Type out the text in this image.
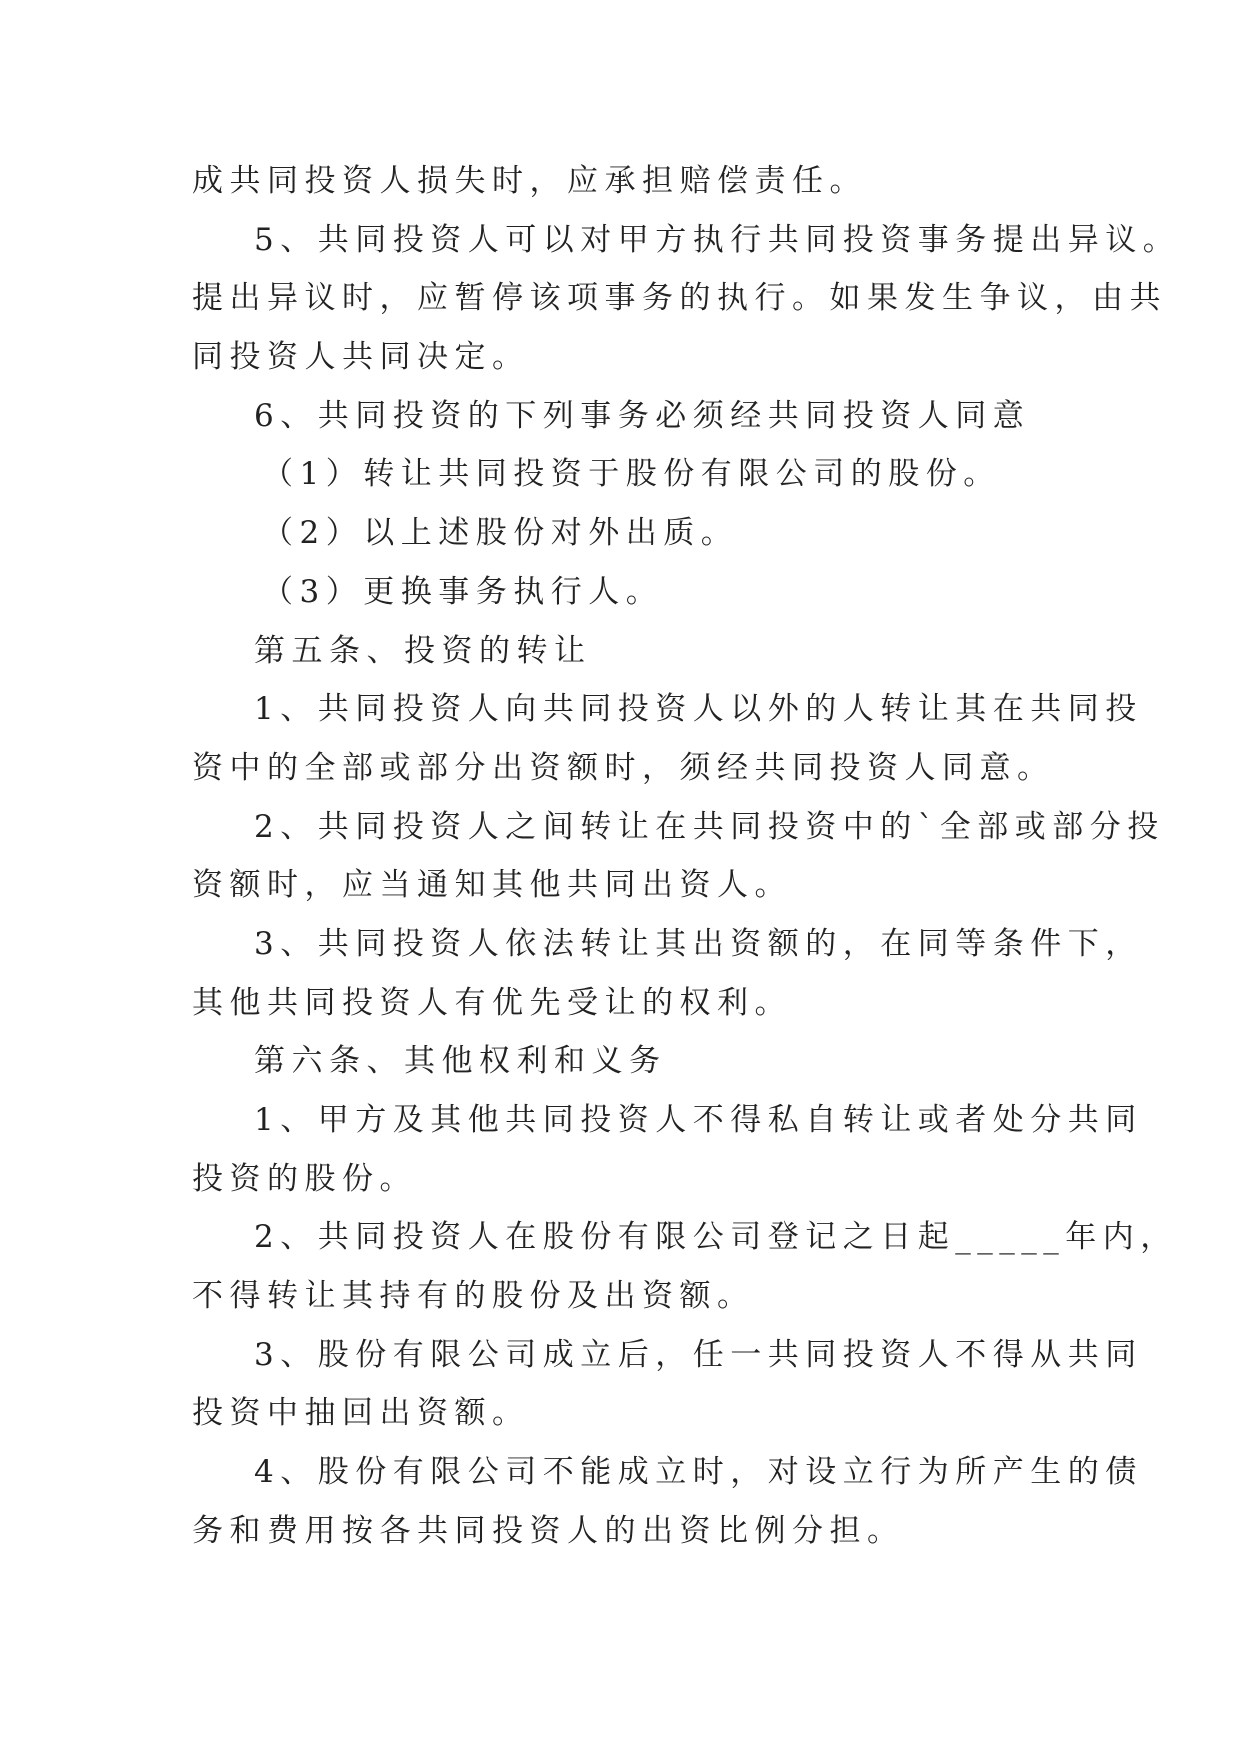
成共同投资人损失时，应承担赔偿责任。
5、共同投资人可以对甲方执行共同投资事务提出异议。
提出异议时，应暂停该项事务的执行。如果发生争议，由共
同投资人共同决定。
6、共同投资的下列事务必须经共同投资人同意
（1）转让共同投资于股份有限公司的股份。
（2）以上述股份对外出质。
（3）更换事务执行人。
第五条、投资的转让
1、共同投资人向共同投资人以外的人转让其在共同投
资中的全部或部分出资额时，须经共同投资人同意。
2、共同投资人之间转让在共同投资中的`全部或部分投
资额时，应当通知其他共同出资人。
3、共同投资人依法转让其出资额的，在同等条件下，
其他共同投资人有优先受让的权利。
第六条、其他权利和义务
1、甲方及其他共同投资人不得私自转让或者处分共同
投资的股份。
2、共同投资人在股份有限公司登记之日起_____年内，
不得转让其持有的股份及出资额。
3、股份有限公司成立后，任一共同投资人不得从共同
投资中抽回出资额。
4、股份有限公司不能成立时，对设立行为所产生的债
务和费用按各共同投资人的出资比例分担。
